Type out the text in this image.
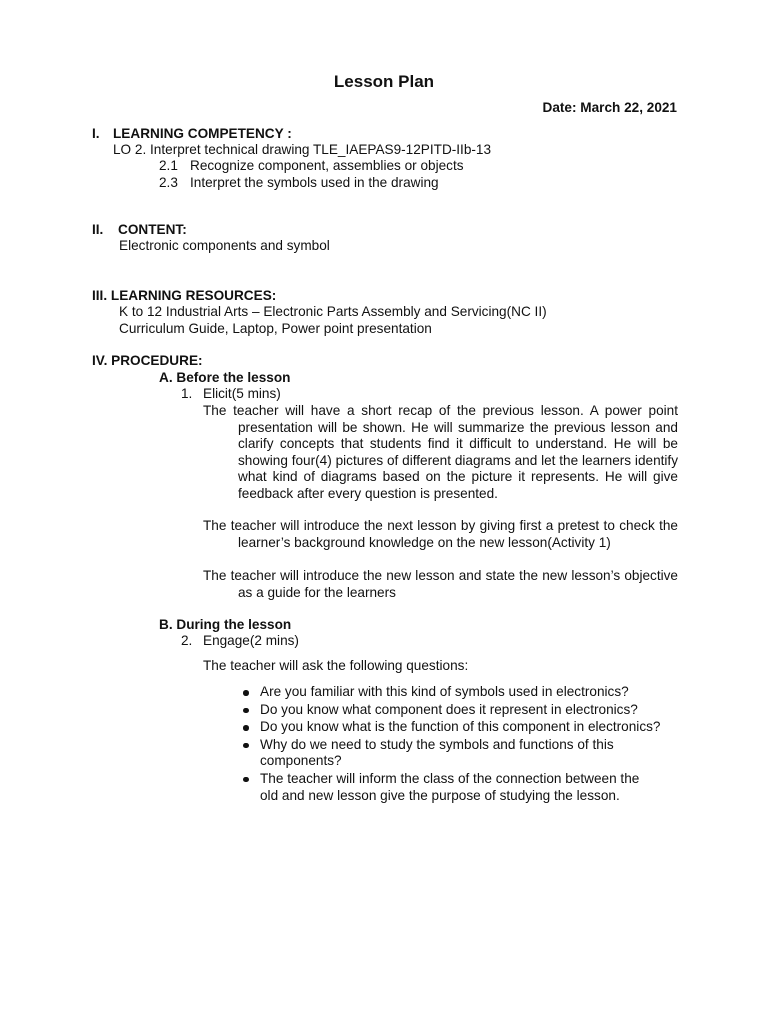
Lesson Plan
Date: March 22, 2021
I. LEARNING COMPETENCY :
LO 2. Interpret technical drawing TLE_IAEPAS9-12PITD-IIb-13
2.1 Recognize component, assemblies or objects
2.3 Interpret the symbols used in the drawing
II. CONTENT:
Electronic components and symbol
III. LEARNING RESOURCES:
K to 12 Industrial Arts – Electronic Parts Assembly and Servicing(NC II)
Curriculum Guide, Laptop, Power point presentation
IV. PROCEDURE:
A. Before the lesson
1. Elicit(5 mins)
The teacher will have a short recap of the previous lesson. A power point presentation will be shown. He will summarize the previous lesson and clarify concepts that students find it difficult to understand. He will be showing four(4) pictures of different diagrams and let the learners identify what kind of diagrams based on the picture it represents. He will give feedback after every question is presented.
The teacher will introduce the next lesson by giving first a pretest to check the learner’s background knowledge on the new lesson(Activity 1)
The teacher will introduce the new lesson and state the new lesson’s objective as a guide for the learners
B. During the lesson
2. Engage(2 mins)
The teacher will ask the following questions:
Are you familiar with this kind of symbols used in electronics?
Do you know what component does it represent in electronics?
Do you know what is the function of this component in electronics?
Why do we need to study the symbols and functions of this components?
The teacher will inform the class of the connection between the old and new lesson give the purpose of studying the lesson.
